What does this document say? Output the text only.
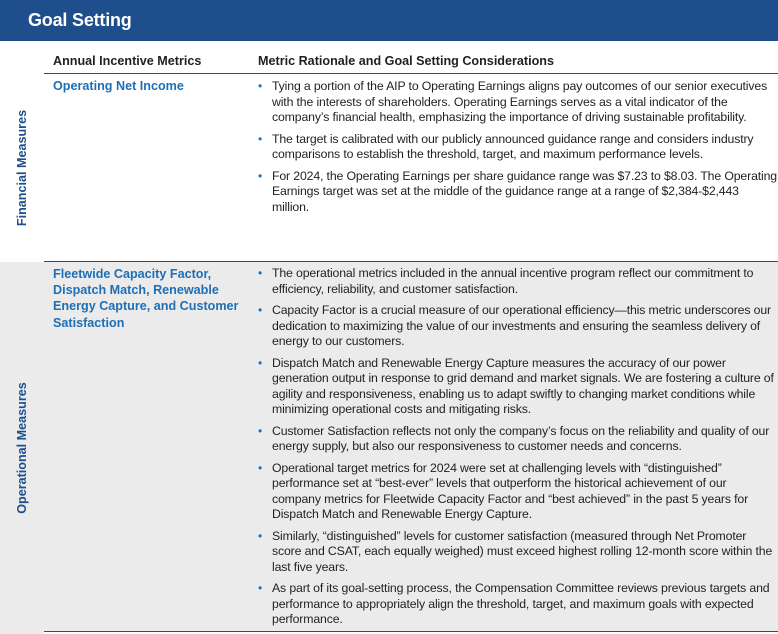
Goal Setting
Annual Incentive Metrics	Metric Rationale and Goal Setting Considerations
Financial Measures
Operational Measures
Operating Net Income	• Tying a portion of the AIP to Operating Earnings aligns pay outcomes of our senior executives with the interests of shareholders. Operating Earnings serves as a vital indicator of the company’s financial health, emphasizing the importance of driving sustainable profitability.
• The target is calibrated with our publicly announced guidance range and considers industry comparisons to establish the threshold, target, and maximum performance levels.
• For 2024, the Operating Earnings per share guidance range was $7.23 to $8.03. The Operating Earnings target was set at the middle of the guidance range at a range of $2,384-$2,443 million.
Fleetwide Capacity Factor, Dispatch Match, Renewable Energy Capture, and Customer Satisfaction
• The operational metrics included in the annual incentive program reflect our commitment to efficiency, reliability, and customer satisfaction.
• Capacity Factor is a crucial measure of our operational efficiency—this metric underscores our dedication to maximizing the value of our investments and ensuring the seamless delivery of energy to our customers.
• Dispatch Match and Renewable Energy Capture measures the accuracy of our power generation output in response to grid demand and market signals. We are fostering a culture of agility and responsiveness, enabling us to adapt swiftly to changing market conditions while minimizing operational costs and mitigating risks.
• Customer Satisfaction reflects not only the company’s focus on the reliability and quality of our energy supply, but also our responsiveness to customer needs and concerns.
• Operational target metrics for 2024 were set at challenging levels with “distinguished” performance set at “best-ever” levels that outperform the historical achievement of our company metrics for Fleetwide Capacity Factor and “best achieved” in the past 5 years for Dispatch Match and Renewable Energy Capture.
• Similarly, “distinguished” levels for customer satisfaction (measured through Net Promoter score and CSAT, each equally weighed) must exceed highest rolling 12-month score within the last five years.
• As part of its goal-setting process, the Compensation Committee reviews previous targets and performance to appropriately align the threshold, target, and maximum goals with expected performance.
